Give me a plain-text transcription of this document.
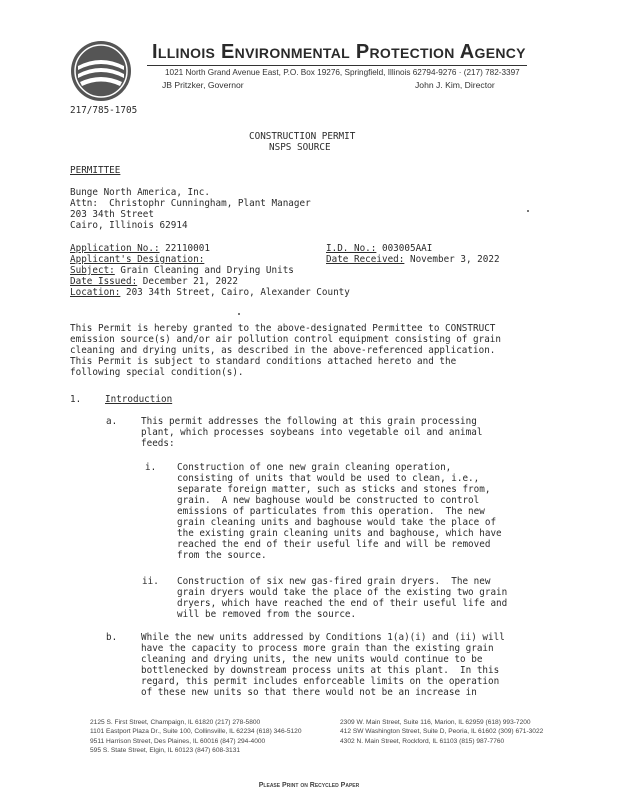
Illinois Environmental Protection Agency
1021 North Grand Avenue East, P.O. Box 19276, Springfield, Illinois 62794-9276 · (217) 782-3397
JB Pritzker, Governor	John J. Kim, Director
217/785-1705
CONSTRUCTION PERMIT
NSPS SOURCE
PERMITTEE
Bunge North America, Inc.
Attn:  Christophr Cunningham, Plant Manager
203 34th Street
Cairo, Illinois 62914
Application No.: 22110001	I.D. No.: 003005AAI
Applicant's Designation:	Date Received: November 3, 2022
Subject: Grain Cleaning and Drying Units
Date Issued: December 21, 2022
Location: 203 34th Street, Cairo, Alexander County
This Permit is hereby granted to the above-designated Permittee to CONSTRUCT
emission source(s) and/or air pollution control equipment consisting of grain
cleaning and drying units, as described in the above-referenced application.
This Permit is subject to standard conditions attached hereto and the
following special condition(s).
1.	Introduction
a.	This permit addresses the following at this grain processing
plant, which processes soybeans into vegetable oil and animal
feeds:
i. Construction of one new grain cleaning operation,
consisting of units that would be used to clean, i.e.,
separate foreign matter, such as sticks and stones from,
grain.  A new baghouse would be constructed to control
emissions of particulates from this operation.  The new
grain cleaning units and baghouse would take the place of
the existing grain cleaning units and baghouse, which have
reached the end of their useful life and will be removed
from the source.
ii. Construction of six new gas-fired grain dryers.  The new
grain dryers would take the place of the existing two grain
dryers, which have reached the end of their useful life and
will be removed from the source.
b.	While the new units addressed by Conditions 1(a)(i) and (ii) will
have the capacity to process more grain than the existing grain
cleaning and drying units, the new units would continue to be
bottlenecked by downstream process units at this plant.  In this
regard, this permit includes enforceable limits on the operation
of these new units so that there would not be an increase in
2125 S. First Street, Champaign, IL 61820 (217) 278-5800
1101 Eastport Plaza Dr., Suite 100, Collinsville, IL 62234 (618) 346-5120
9511 Harrison Street, Des Plaines, IL 60016 (847) 294-4000
595 S. State Street, Elgin, IL 60123 (847) 608-3131
2309 W. Main Street, Suite 116, Marion, IL 62959 (618) 993-7200
412 SW Washington Street, Suite D, Peoria, IL 61602 (309) 671-3022
4302 N. Main Street, Rockford, IL 61103 (815) 987-7760
Please Print on Recycled Paper
